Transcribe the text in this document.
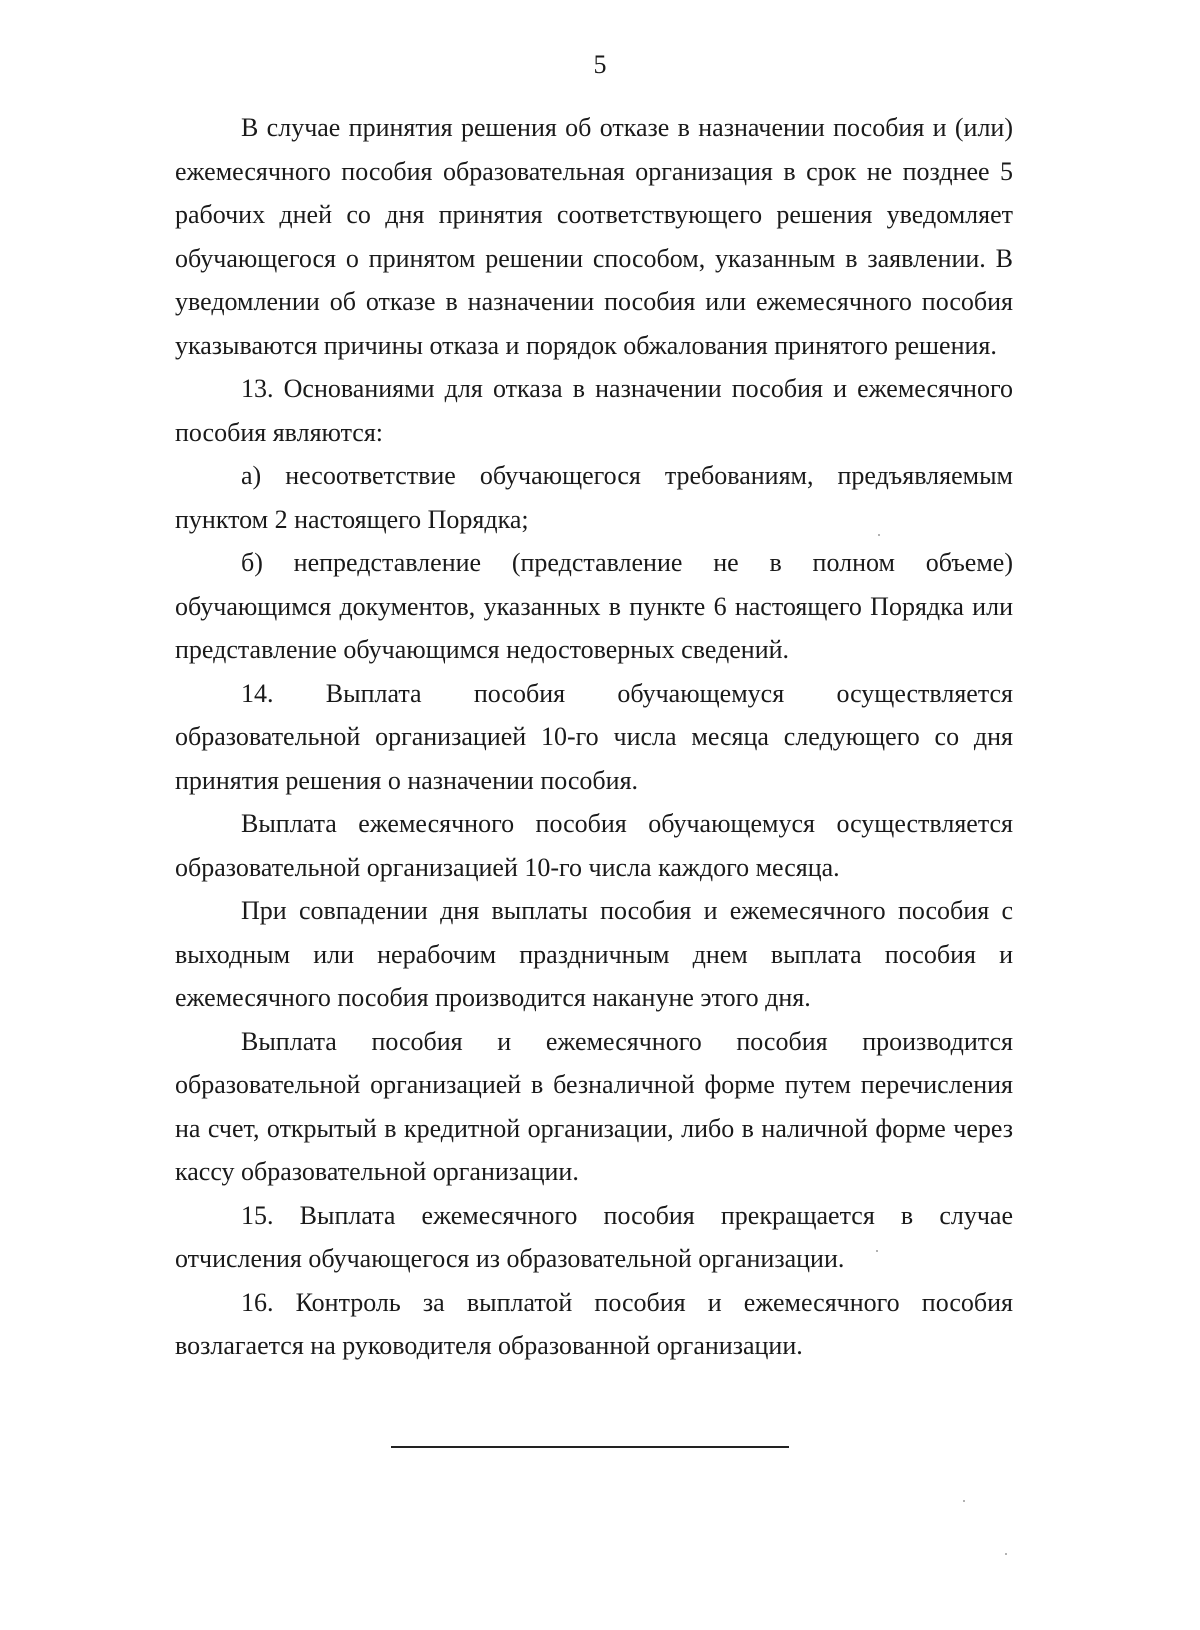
5

В случае принятия решения об отказе в назначении пособия и (или) ежемесячного пособия образовательная организация в срок не позднее 5 рабочих дней со дня принятия соответствующего решения уведомляет обучающегося о принятом решении способом, указанным в заявлении. В уведомлении об отказе в назначении пособия или ежемесячного пособия указываются причины отказа и порядок обжалования принятого решения.

13. Основаниями для отказа в назначении пособия и ежемесячного пособия являются:

а) несоответствие обучающегося требованиям, предъявляемым пунктом 2 настоящего Порядка;

б) непредставление (представление не в полном объеме) обучающимся документов, указанных в пункте 6 настоящего Порядка или представление обучающимся недостоверных сведений.

14. Выплата пособия обучающемуся осуществляется образовательной организацией 10-го числа месяца следующего со дня принятия решения о назначении пособия.

Выплата ежемесячного пособия обучающемуся осуществляется образовательной организацией 10-го числа каждого месяца.

При совпадении дня выплаты пособия и ежемесячного пособия с выходным или нерабочим праздничным днем выплата пособия и ежемесячного пособия производится накануне этого дня.

Выплата пособия и ежемесячного пособия производится образовательной организацией в безналичной форме путем перечисления на счет, открытый в кредитной организации, либо в наличной форме через кассу образовательной организации.

15. Выплата ежемесячного пособия прекращается в случае отчисления обучающегося из образовательной организации.

16. Контроль за выплатой пособия и ежемесячного пособия возлагается на руководителя образованной организации.
